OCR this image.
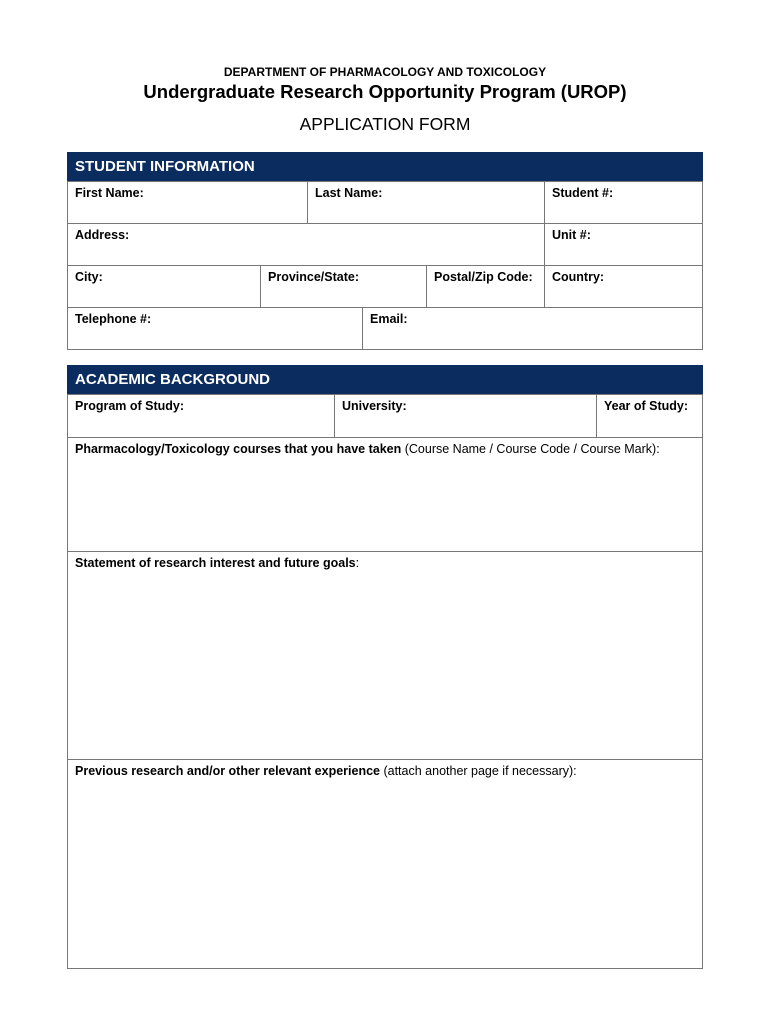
DEPARTMENT OF PHARMACOLOGY AND TOXICOLOGY
Undergraduate Research Opportunity Program (UROP)
APPLICATION FORM
STUDENT INFORMATION
First Name:	Last Name:	Student #:
Address:	Unit #:
City:	Province/State:	Postal/Zip Code:	Country:
Telephone #:	Email:
ACADEMIC BACKGROUND
Program of Study:	University:	Year of Study:
Pharmacology/Toxicology courses that you have taken (Course Name / Course Code / Course Mark):
Statement of research interest and future goals:
Previous research and/or other relevant experience (attach another page if necessary):
